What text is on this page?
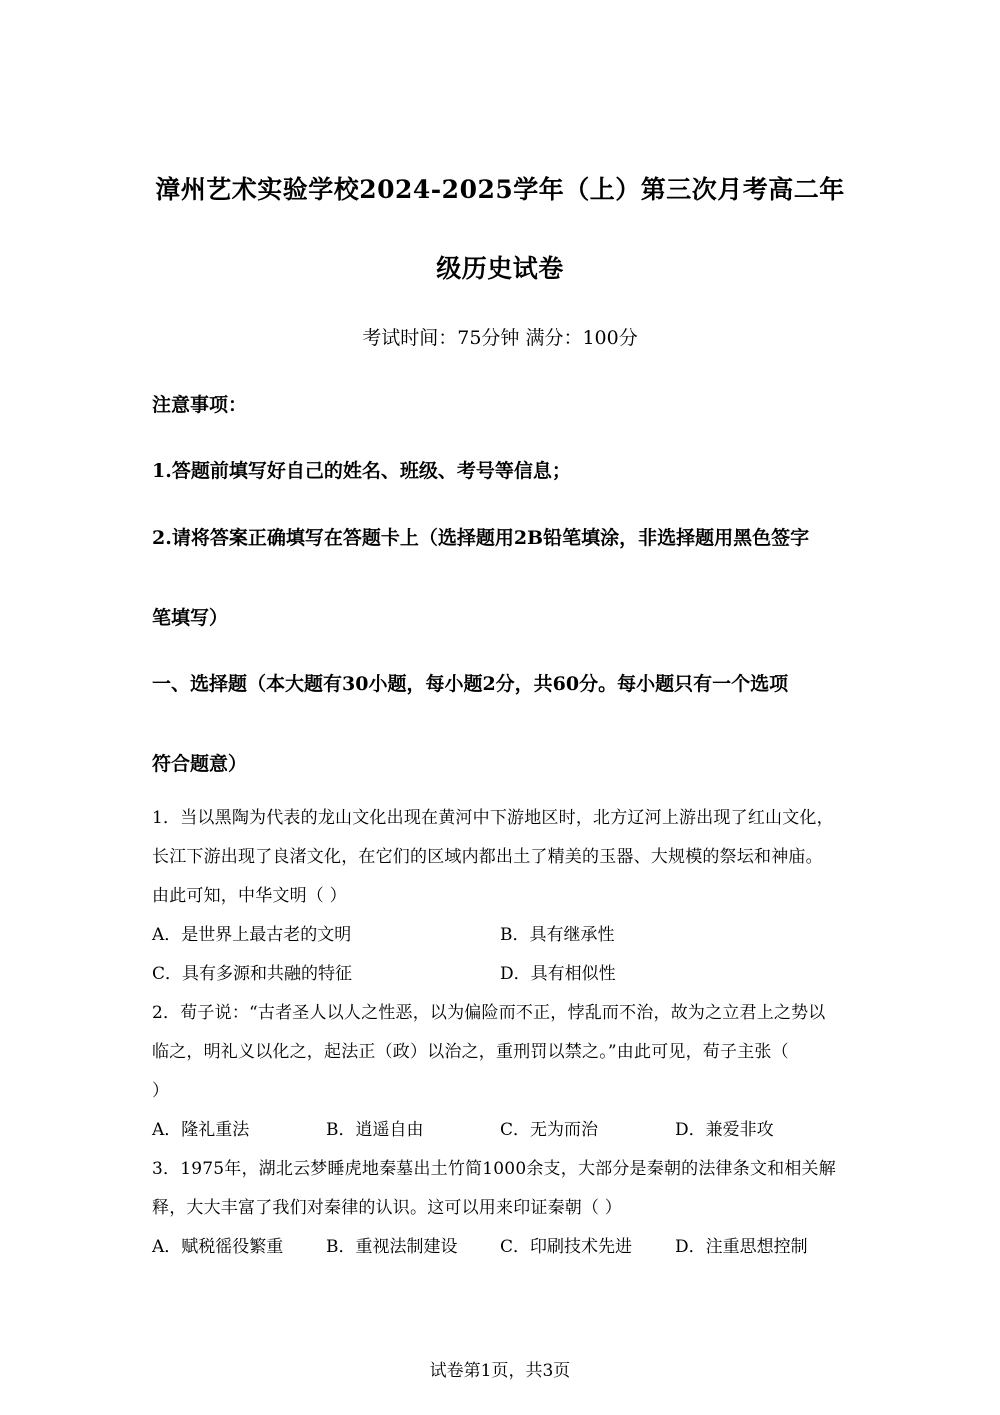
漳州艺术实验学校2024-2025学年（上）第三次月考高二年
级历史试卷
考试时间：75分钟 满分：100分
注意事项：
1.答题前填写好自己的姓名、班级、考号等信息；
2.请将答案正确填写在答题卡上（选择题用2B铅笔填涂，非选择题用黑色签字
笔填写）
一、选择题（本大题有30小题，每小题2分，共60分。每小题只有一个选项
符合题意）
1．当以黑陶为代表的龙山文化出现在黄河中下游地区时，北方辽河上游出现了红山文化，
长江下游出现了良渚文化，在它们的区域内都出土了精美的玉器、大规模的祭坛和神庙。
由此可知，中华文明（ ）
A．是世界上最古老的文明	B．具有继承性
C．具有多源和共融的特征	D．具有相似性
2．荀子说：“古者圣人以人之性恶，以为偏险而不正，悖乱而不治，故为之立君上之势以
临之，明礼义以化之，起法正（政）以治之，重刑罚以禁之。”由此可见，荀子主张（
）
A．隆礼重法	B．逍遥自由	C．无为而治	D．兼爱非攻
3．1975年，湖北云梦睡虎地秦墓出土竹简1000余支，大部分是秦朝的法律条文和相关解
释，大大丰富了我们对秦律的认识。这可以用来印证秦朝（ ）
A．赋税徭役繁重	B．重视法制建设	C．印刷技术先进	D．注重思想控制
试卷第1页，共3页
